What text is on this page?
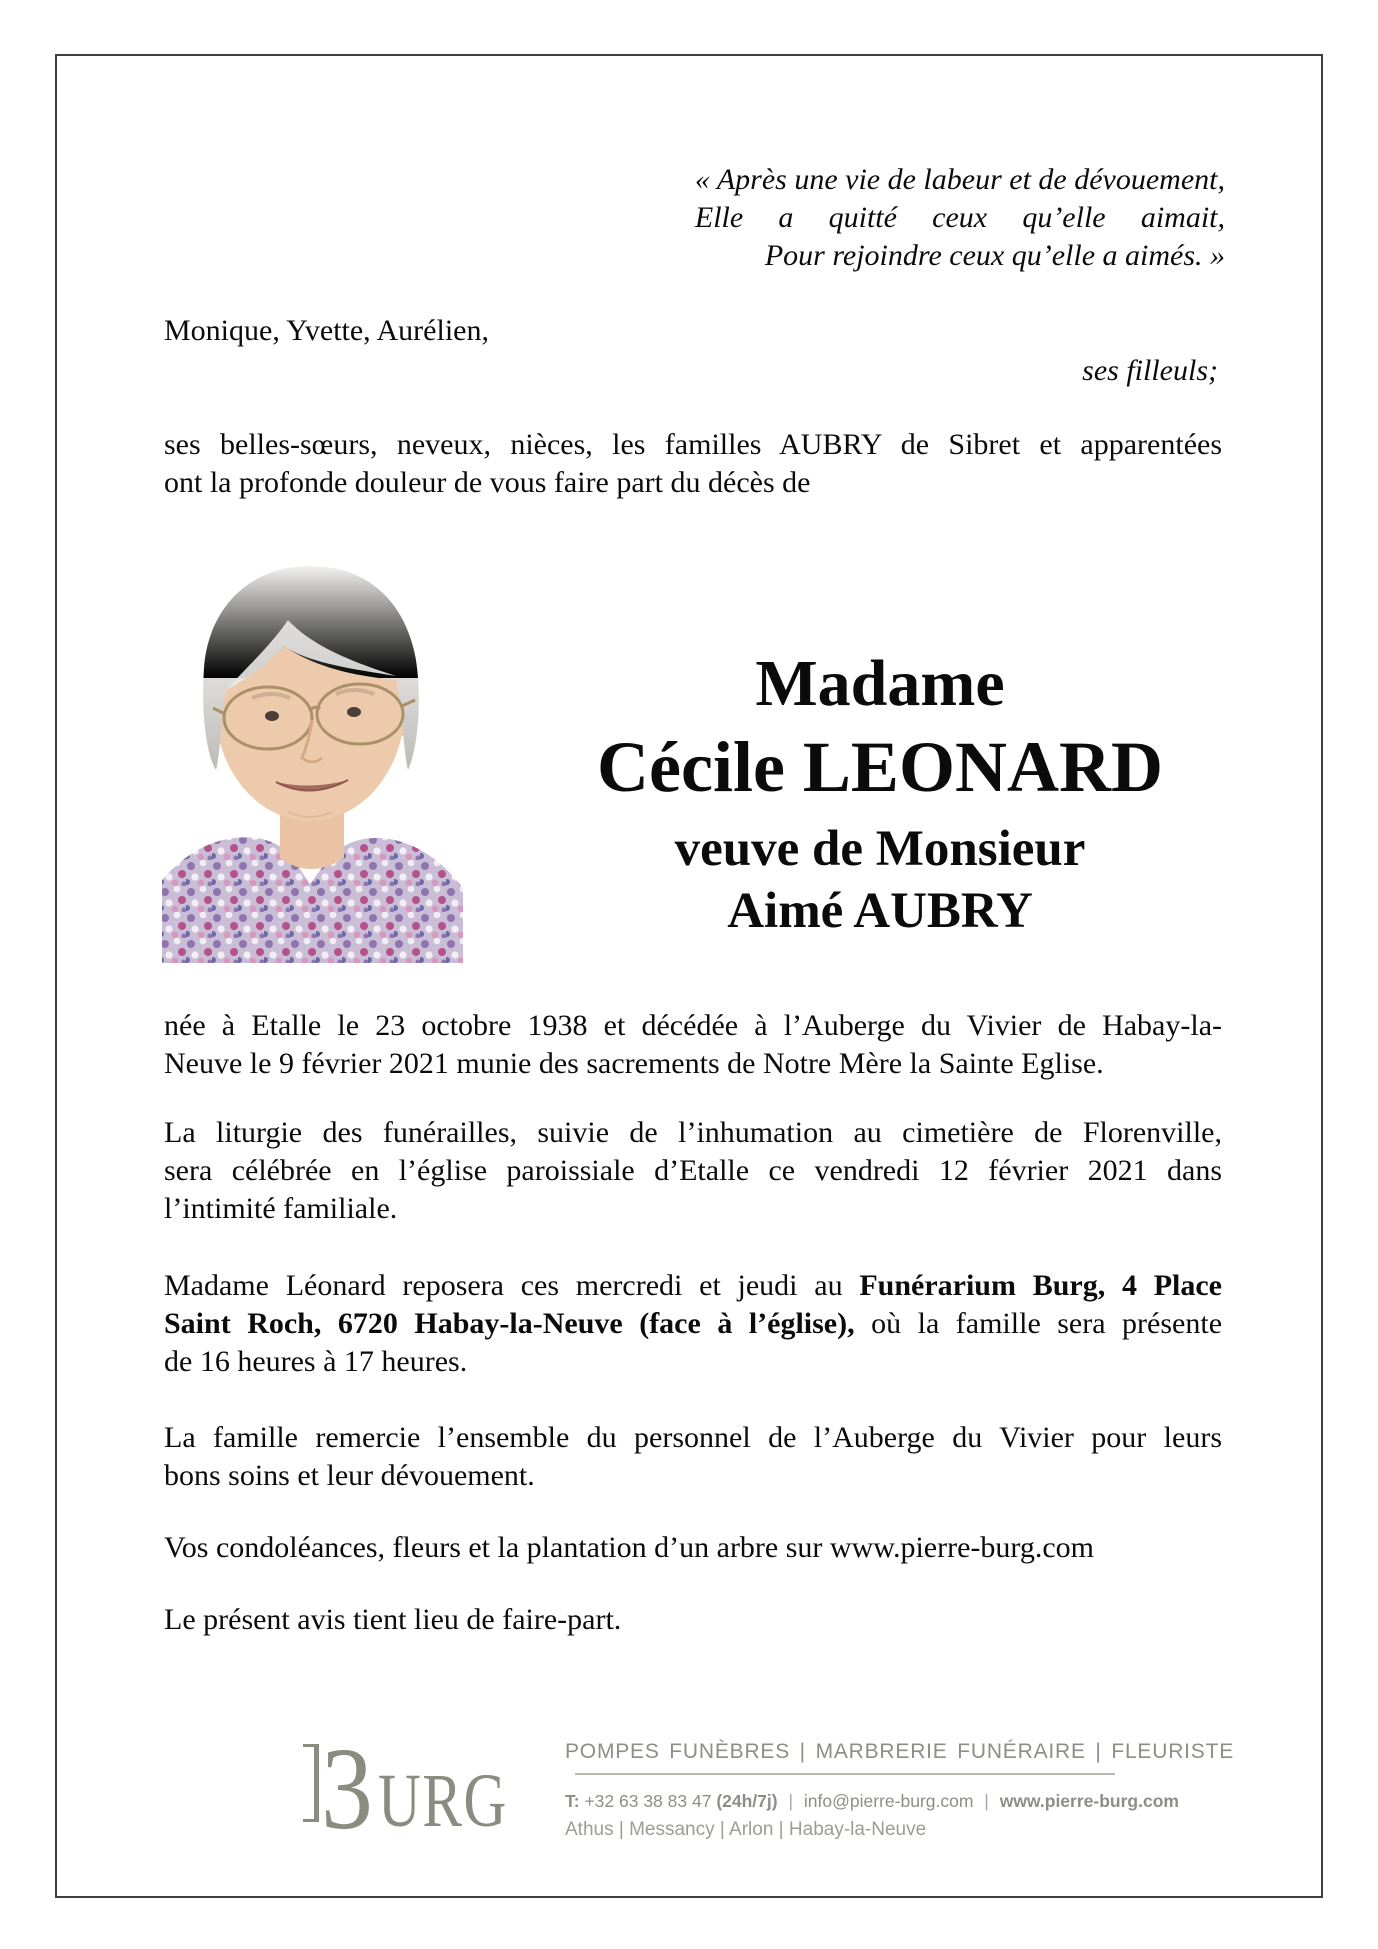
« Après une vie de labeur et de dévouement,
Elle a quitté ceux qu’elle aimait,
Pour rejoindre ceux qu’elle a aimés. »
Monique, Yvette, Aurélien,
ses filleuls;
ses belles-sœurs, neveux, nièces, les familles AUBRY de Sibret et apparentées
ont la profonde douleur de vous faire part du décès de
Madame
Cécile LEONARD
veuve de Monsieur
Aimé AUBRY
née à Etalle le 23 octobre 1938 et décédée à l’Auberge du Vivier de Habay-la-
Neuve le 9 février 2021 munie des sacrements de Notre Mère la Sainte Eglise.
La liturgie des funérailles, suivie de l’inhumation au cimetière de Florenville,
sera célébrée en l’église paroissiale d’Etalle ce vendredi 12 février 2021 dans
l’intimité familiale.
Madame Léonard reposera ces mercredi et jeudi au Funérarium Burg, 4 Place
Saint Roch, 6720 Habay-la-Neuve (face à l’église), où la famille sera présente
de 16 heures à 17 heures.
La famille remercie l’ensemble du personnel de l’Auberge du Vivier pour leurs
bons soins et leur dévouement.
Vos condoléances, fleurs et la plantation d’un arbre sur www.pierre-burg.com
Le présent avis tient lieu de faire-part.
3 URG
POMPES FUNÈBRES | MARBRERIE FUNÉRAIRE | FLEURISTE
T: +32 63 38 83 47 (24h/7j) | info@pierre-burg.com | www.pierre-burg.com
Athus | Messancy | Arlon | Habay-la-Neuve
